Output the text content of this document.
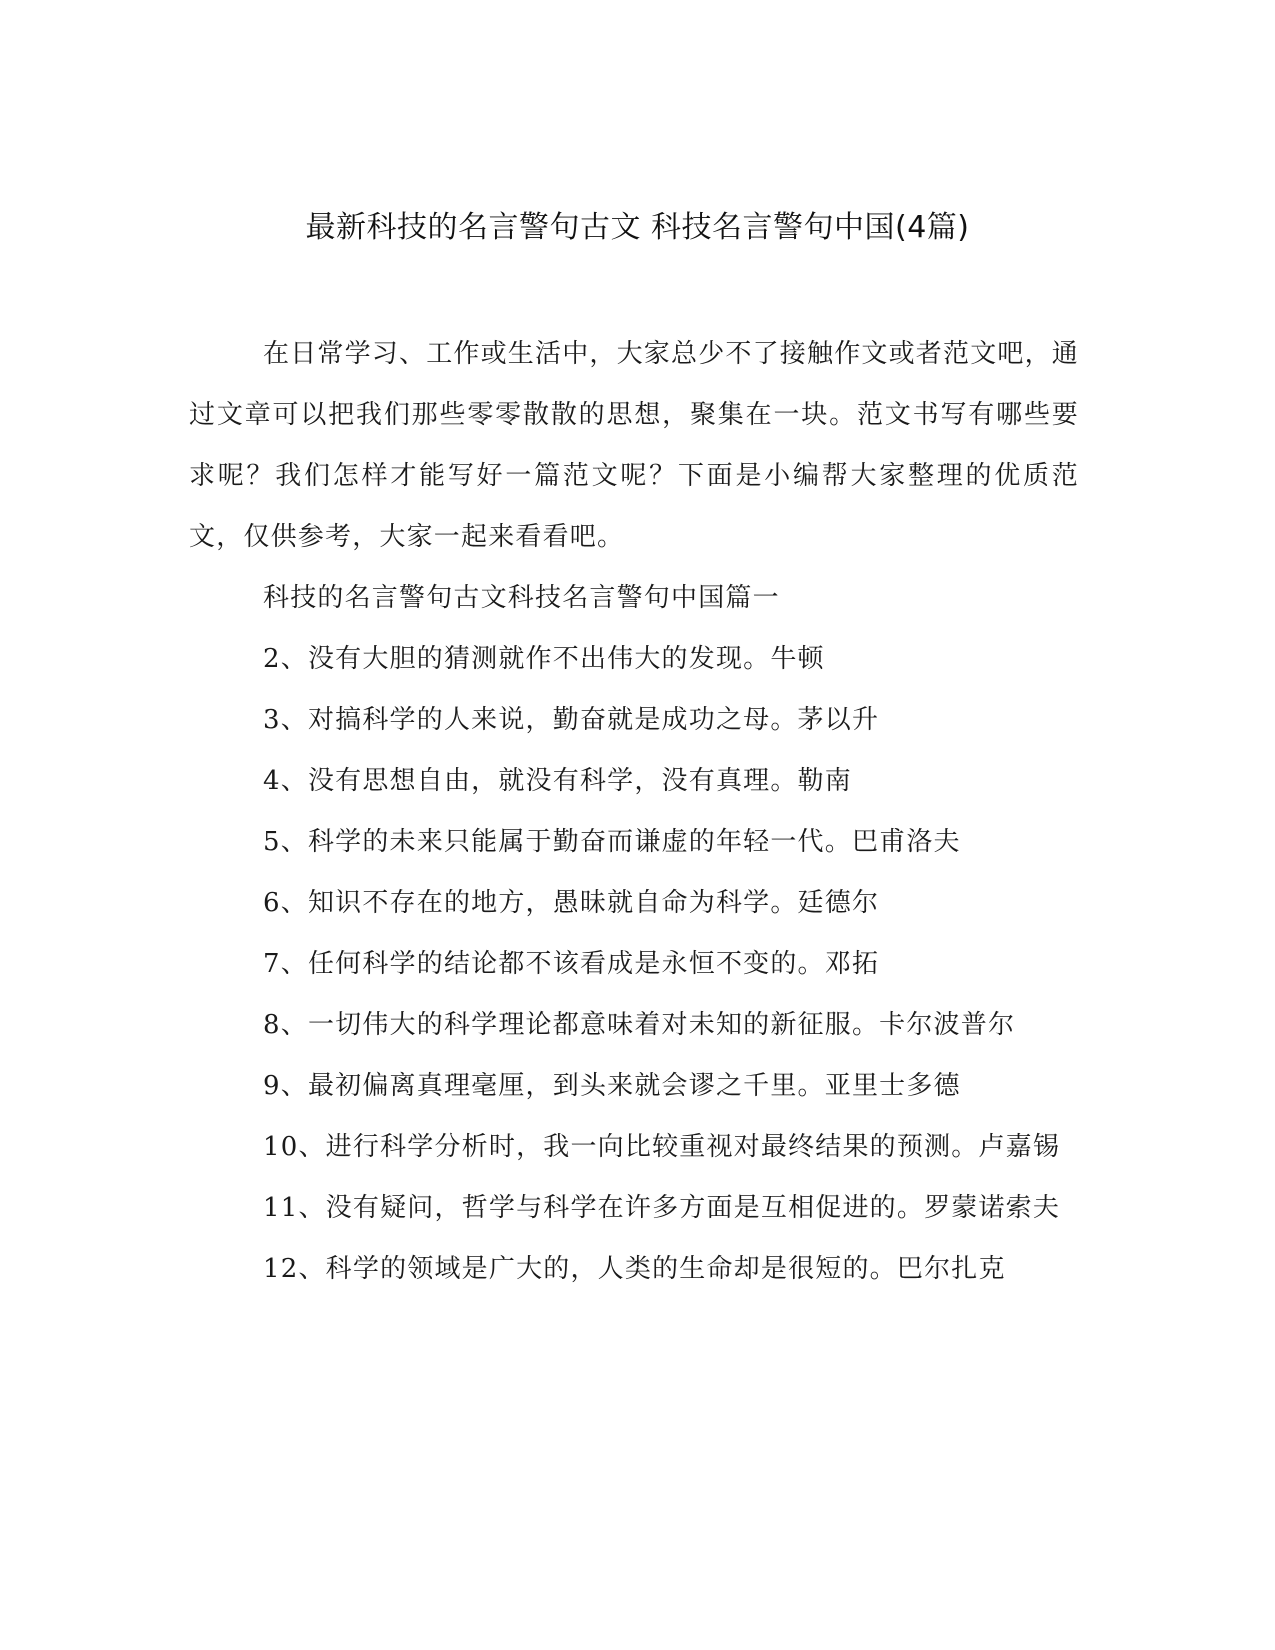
最新科技的名言警句古文 科技名言警句中国(4篇)

在日常学习、工作或生活中，大家总少不了接触作文或者范文吧，通过文章可以把我们那些零零散散的思想，聚集在一块。范文书写有哪些要求呢？我们怎样才能写好一篇范文呢？下面是小编帮大家整理的优质范文，仅供参考，大家一起来看看吧。

科技的名言警句古文科技名言警句中国篇一

2、没有大胆的猜测就作不出伟大的发现。牛顿

3、对搞科学的人来说，勤奋就是成功之母。茅以升

4、没有思想自由，就没有科学，没有真理。勒南

5、科学的未来只能属于勤奋而谦虚的年轻一代。巴甫洛夫

6、知识不存在的地方，愚昧就自命为科学。廷德尔

7、任何科学的结论都不该看成是永恒不变的。邓拓

8、一切伟大的科学理论都意味着对未知的新征服。卡尔波普尔

9、最初偏离真理毫厘，到头来就会谬之千里。亚里士多德

10、进行科学分析时，我一向比较重视对最终结果的预测。卢嘉锡

11、没有疑问，哲学与科学在许多方面是互相促进的。罗蒙诺索夫

12、科学的领域是广大的，人类的生命却是很短的。巴尔扎克
